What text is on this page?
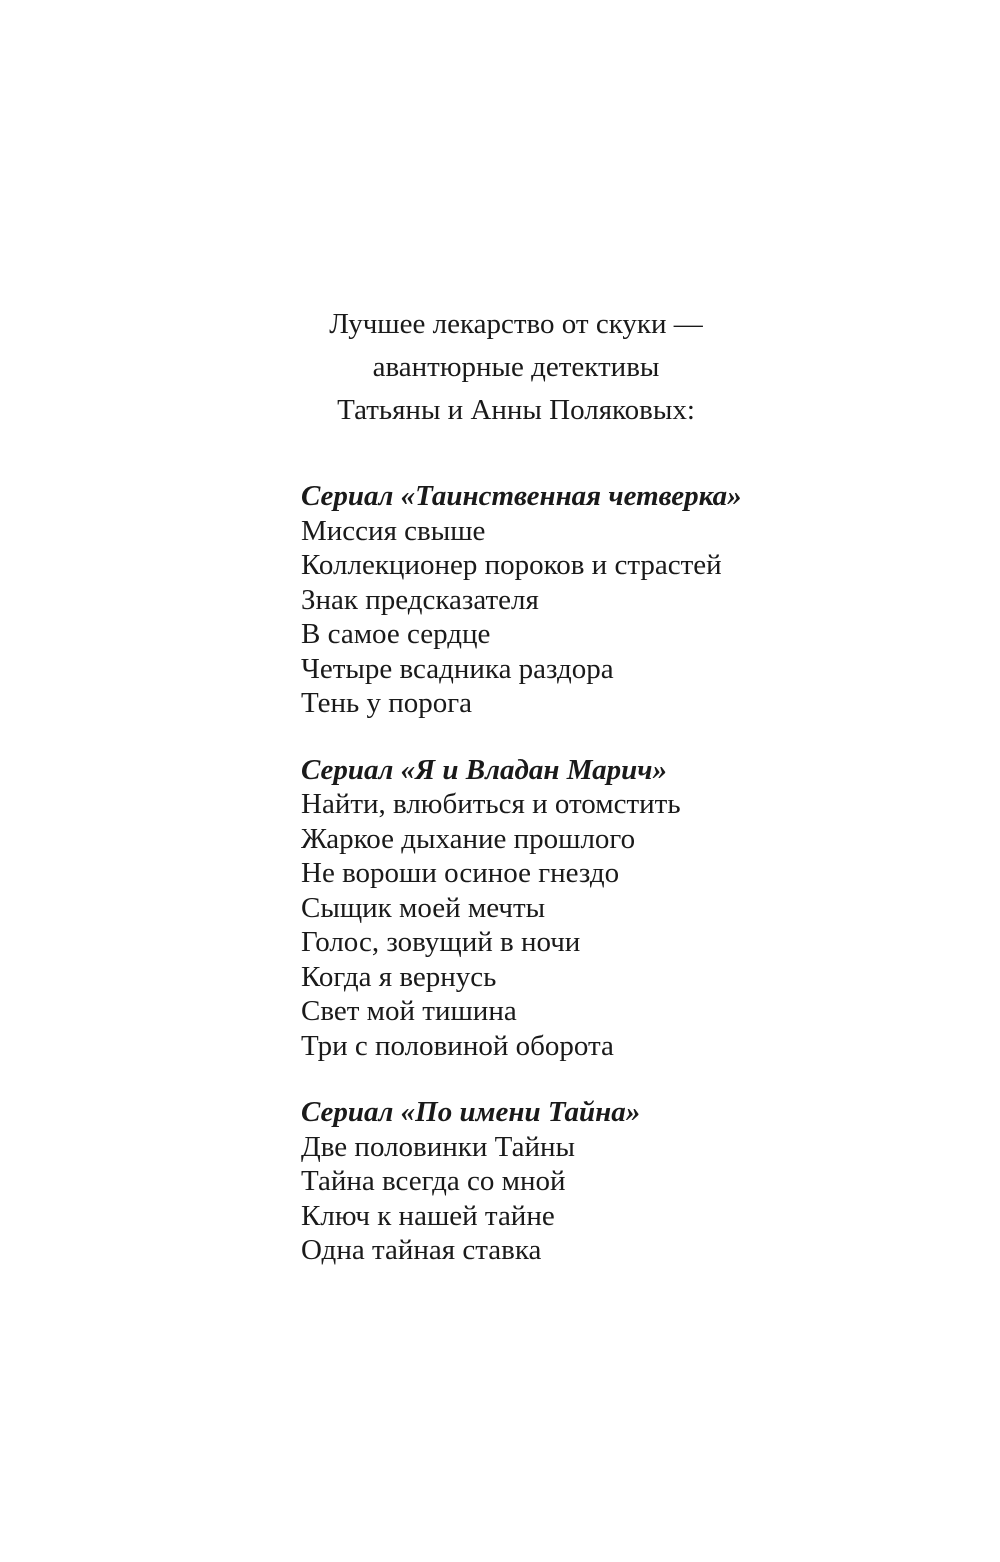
Лучшее лекарство от скуки —
авантюрные детективы
Татьяны и Анны Поляковых:
Сериал «Таинственная четверка»
Миссия свыше
Коллекционер пороков и страстей
Знак предсказателя
В самое сердце
Четыре всадника раздора
Тень у порога
Сериал «Я и Владан Марич»
Найти, влюбиться и отомстить
Жаркое дыхание прошлого
Не вороши осиное гнездо
Сыщик моей мечты
Голос, зовущий в ночи
Когда я вернусь
Свет мой тишина
Три с половиной оборота
Сериал «По имени Тайна»
Две половинки Тайны
Тайна всегда со мной
Ключ к нашей тайне
Одна тайная ставка
